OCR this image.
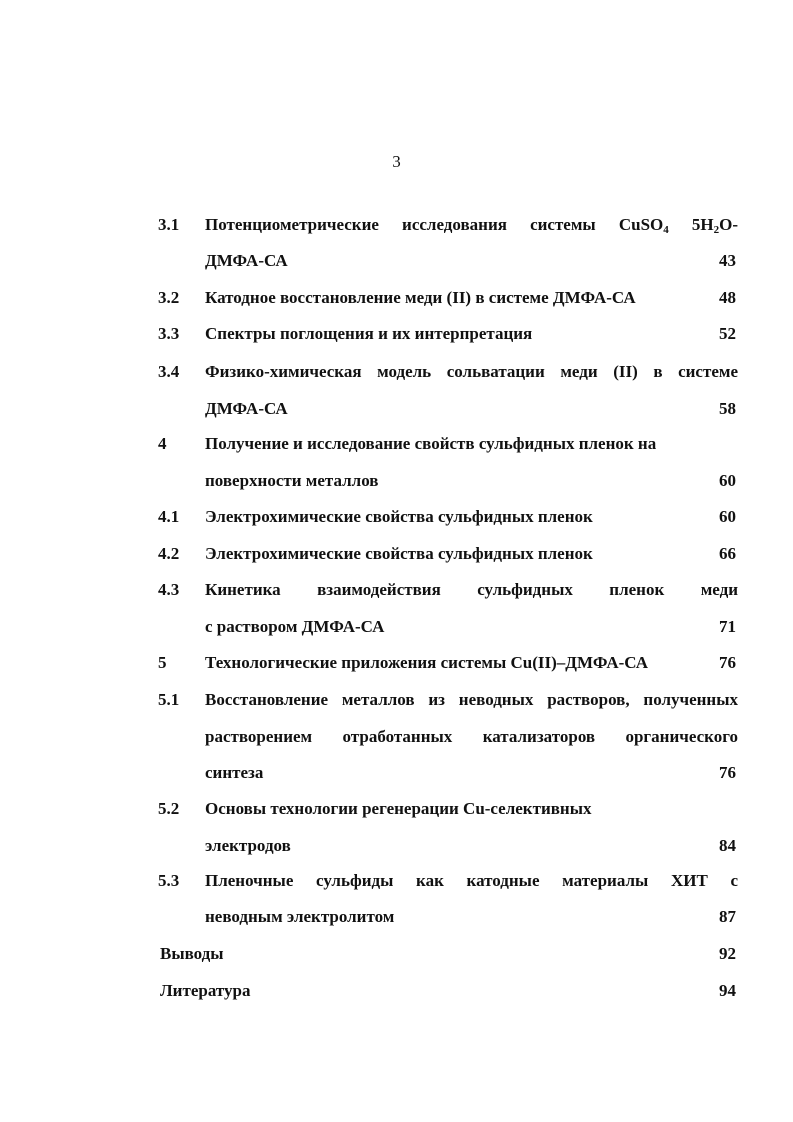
3
3.1 Потенциометрические исследования системы CuSO$_4$ $5H_2O-$
ДМФА-СА	43
3.2 Катодное восстановление меди (II) в системе ДМФА-СА	48
3.3 Спектры поглощения и их интерпретация	52
3.4 Физико-химическая модель сольватации меди (II) в системе
ДМФА-СА	58
4 Получение и исследование свойств сульфидных пленок на
поверхности металлов	60
4.1 Электрохимические свойства сульфидных пленок	60
4.2 Электрохимические свойства сульфидных пленок	66
4.3 Кинетика взаимодействия сульфидных пленок меди
с раствором ДМФА-СА	71
5 Технологические приложения системы Cu(II)–ДМФА-СА	76
5.1 Восстановление металлов из неводных растворов, полученных
растворением отработанных катализаторов органического
синтеза	76
5.2 Основы технологии регенерации Cu-селективных
электродов	84
5.3 Пленочные сульфиды как катодные материалы ХИТ с
неводным электролитом	87
Выводы	92
Литература	94
